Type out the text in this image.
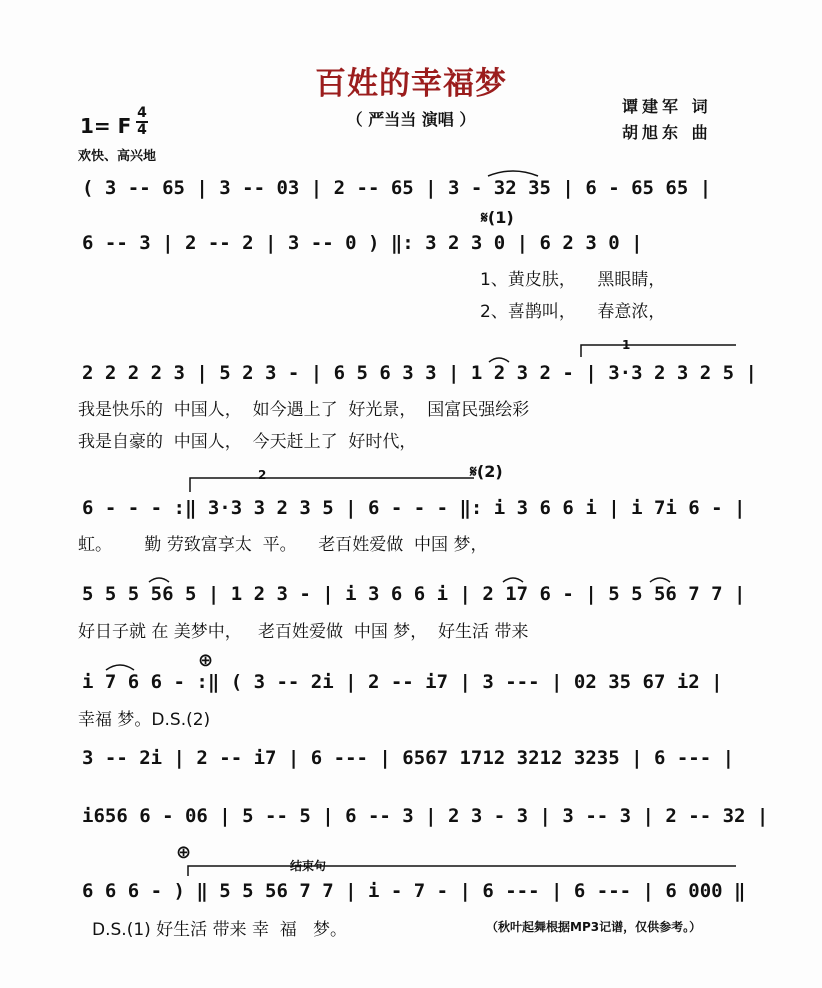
百姓的幸福梦
（ 严当当 演唱 ）
谭建军 词
胡旭东 曲
1= F
4
4
欢快、高兴地
( 3 -- 65 | 3 -- 03 | 2 -- 65 | 3 - 32 35 | 6 - 65 65 |
𝄋(1)
6 -- 3 | 2 -- 2 | 3 -- 0 ) ‖: 3 2 3 0 | 6 2 3 0 |
1、黄皮肤，    黑眼睛，
2、喜鹊叫，    春意浓，
1
2 2 2 2 3 | 5 2 3 - | 6 5 6 3 3 | 1 2 3 2 - | 3·3 2 3 2 5 |
我是快乐的  中国人，  如今遇上了  好光景，  国富民强绘彩
我是自豪的  中国人，  今天赶上了  好时代，
2	𝄋(2)
6 - - - :‖ 3·3 3 2 3 5 | 6 - - - ‖: i 3 6 6 i | i 7i 6 - |
虹。      勤 劳致富享太  平。    老百姓爱做  中国 梦，
5 5 5 56 5 | 1 2 3 - | i 3 6 6 i | 2 17 6 - | 5 5 56 7 7 |
好日子就 在 美梦中，   老百姓爱做  中国 梦，  好生活 带来
⊕
i 7 6 6 - :‖ ( 3 -- 2i | 2 -- i7 | 3 --- | 02 35 67 i2 |
幸福 梦。D.S.(2)
3 -- 2i | 2 -- i7 | 6 --- | 6567 1712 3212 3235 | 6 --- |
i656 6 - 06 | 5 -- 5 | 6 -- 3 | 2 3 - 3 | 3 -- 3 | 2 -- 32 |
⊕
结束句
6 6 6 - ) ‖ 5 5 56 7 7 | i - 7 - | 6 --- | 6 --- | 6 000 ‖
D.S.(1) 好生活 带来 幸  福   梦。	（秋叶起舞根据MP3记谱，仅供参考。）
